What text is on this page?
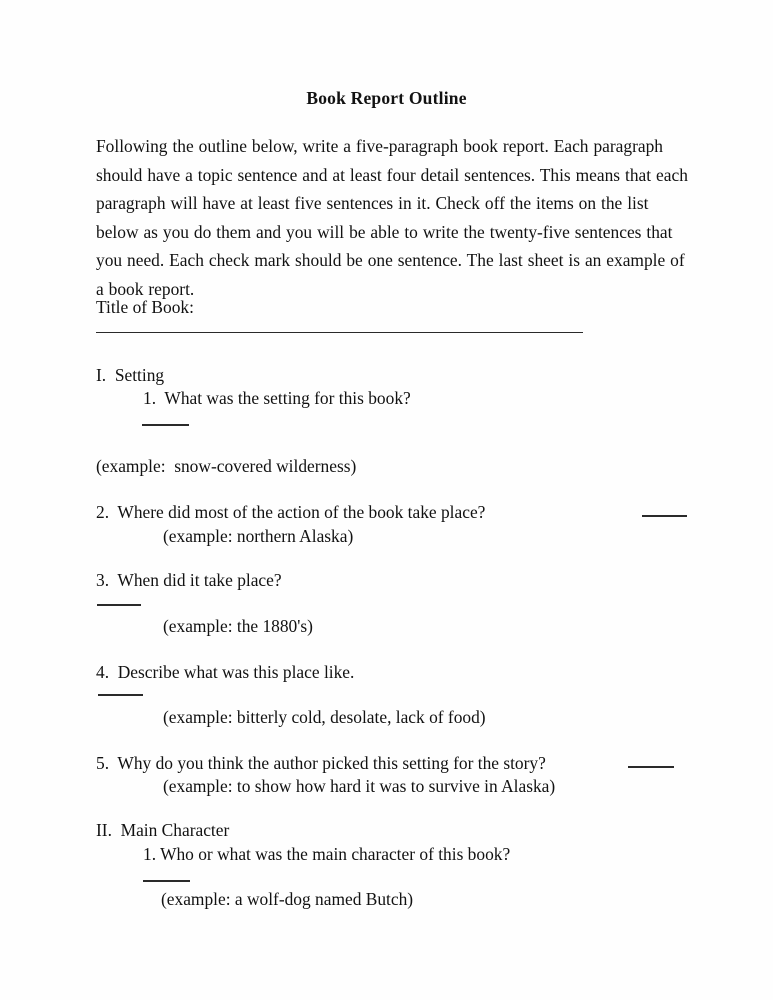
Book Report Outline
Following the outline below, write a five-paragraph book report. Each paragraph should have a topic sentence and at least four detail sentences. This means that each paragraph will have at least five sentences in it. Check off the items on the list below as you do them and you will be able to write the twenty-five sentences that you need. Each check mark should be one sentence. The last sheet is an example of a book report.
Title of Book:
I.  Setting
1.  What was the setting for this book?
(example:  snow-covered wilderness)
2.  Where did most of the action of the book take place?
(example: northern Alaska)
3.  When did it take place?
(example: the 1880's)
4.  Describe what was this place like.
(example: bitterly cold, desolate, lack of food)
5.  Why do you think the author picked this setting for the story?
(example: to show how hard it was to survive in Alaska)
II.  Main Character
1. Who or what was the main character of this book?
(example: a wolf-dog named Butch)
